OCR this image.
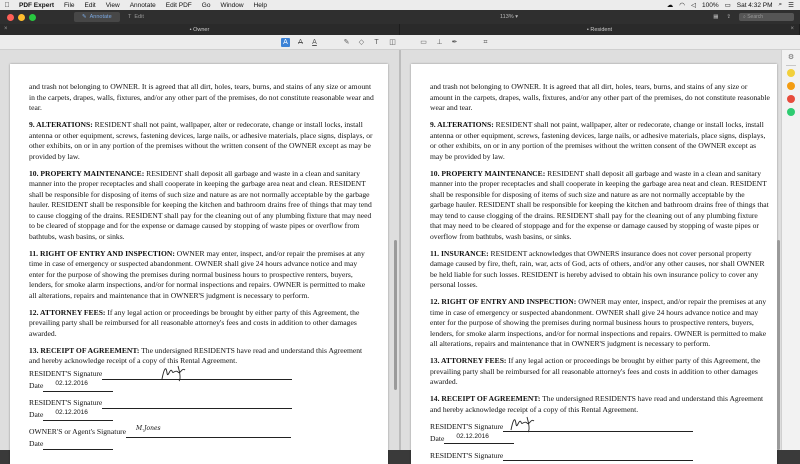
PDF Expert	File	Edit	View	Annotate	Edit PDF	Go	Window	Help	☁ ◠ ◁ 100% ▭ Sat 4:32 PM ⌕ ☰
✎ Annotate	T Edit	113% ▾	▦ ⇪	⌕ Search
×	• Owner	• Resident	×
A	A	A	✎ ◇	T	◫	▭ ⊥ ✒	⌗

and trash not belonging to OWNER. It is agreed that all dirt, holes, tears, burns, and stains of any size or amount in the carpets, drapes, walls, fixtures, and/or any other part of the premises, do not constitute reasonable wear and tear.

9. ALTERATIONS: RESIDENT shall not paint, wallpaper, alter or redecorate, change or install locks, install antenna or other equipment, screws, fastening devices, large nails, or adhesive materials, place signs, displays, or other exhibits, on or in any portion of the premises without the written consent of the OWNER except as may be provided by law.

10. PROPERTY MAINTENANCE: RESIDENT shall deposit all garbage and waste in a clean and sanitary manner into the proper receptacles and shall cooperate in keeping the garbage area neat and clean. RESIDENT shall be responsible for disposing of items of such size and nature as are not normally acceptable by the garbage hauler. RESIDENT shall be responsible for keeping the kitchen and bathroom drains free of things that may tend to cause clogging of the drains. RESIDENT shall pay for the cleaning out of any plumbing fixture that may need to be cleared of stoppage and for the expense or damage caused by stopping of waste pipes or overflow from bathtubs, wash basins, or sinks.

11. RIGHT OF ENTRY AND INSPECTION: OWNER may enter, inspect, and/or repair the premises at any time in case of emergency or suspected abandonment. OWNER shall give 24 hours advance notice and may enter for the purpose of showing the premises during normal business hours to prospective renters, buyers, lenders, for smoke alarm inspections, and/or for normal inspections and repairs. OWNER is permitted to make all alterations, repairs and maintenance that in OWNER'S judgment is necessary to perform.

12. ATTORNEY FEES: If any legal action or proceedings be brought by either party of this Agreement, the prevailing party shall be reimbursed for all reasonable attorney's fees and costs in addition to other damages awarded.

13. RECEIPT OF AGREEMENT: The undersigned RESIDENTS have read and understand this Agreement and hereby acknowledge receipt of a copy of this Rental Agreement.

RESIDENT'S Signature
Date 02.12.2016
RESIDENT'S Signature
Date 02.12.2016
OWNER'S or Agent's Signature M.Jones
Date

and trash not belonging to OWNER. It is agreed that all dirt, holes, tears, burns, and stains of any size or amount in the carpets, drapes, walls, fixtures, and/or any other part of the premises, do not constitute reasonable wear and tear.

9. ALTERATIONS: RESIDENT shall not paint, wallpaper, alter or redecorate, change or install locks, install antenna or other equipment, screws, fastening devices, large nails, or adhesive materials, place signs, displays, or other exhibits, on or in any portion of the premises without the written consent of the OWNER except as may be provided by law.

10. PROPERTY MAINTENANCE: RESIDENT shall deposit all garbage and waste in a clean and sanitary manner into the proper receptacles and shall cooperate in keeping the garbage area neat and clean. RESIDENT shall be responsible for disposing of items of such size and nature as are not normally acceptable by the garbage hauler. RESIDENT shall be responsible for keeping the kitchen and bathroom drains free of things that may tend to cause clogging of the drains. RESIDENT shall pay for the cleaning out of any plumbing fixture that may need to be cleared of stoppage and for the expense or damage caused by stopping of waste pipes or overflow from bathtubs, wash basins, or sinks.

11. INSURANCE: RESIDENT acknowledges that OWNERS insurance does not cover personal property damage caused by fire, theft, rain, war, acts of God, acts of others, and/or any other causes, nor shall OWNER be held liable for such losses. RESIDENT is hereby advised to obtain his own insurance policy to cover any personal losses.

12. RIGHT OF ENTRY AND INSPECTION: OWNER may enter, inspect, and/or repair the premises at any time in case of emergency or suspected abandonment. OWNER shall give 24 hours advance notice and may enter for the purpose of showing the premises during normal business hours to prospective renters, buyers, lenders, for smoke alarm inspections, and/or for normal inspections and repairs. OWNER is permitted to make all alterations, repairs and maintenance that in OWNER'S judgment is necessary to perform.

13. ATTORNEY FEES: If any legal action or proceedings be brought by either party of this Agreement, the prevailing party shall be reimbursed for all reasonable attorney's fees and costs in addition to other damages awarded.

14. RECEIPT OF AGREEMENT: The undersigned RESIDENTS have read and understand this Agreement and hereby acknowledge receipt of a copy of this Rental Agreement.

RESIDENT'S Signature
Date 02.12.2016
RESIDENT'S Signature
⚙
